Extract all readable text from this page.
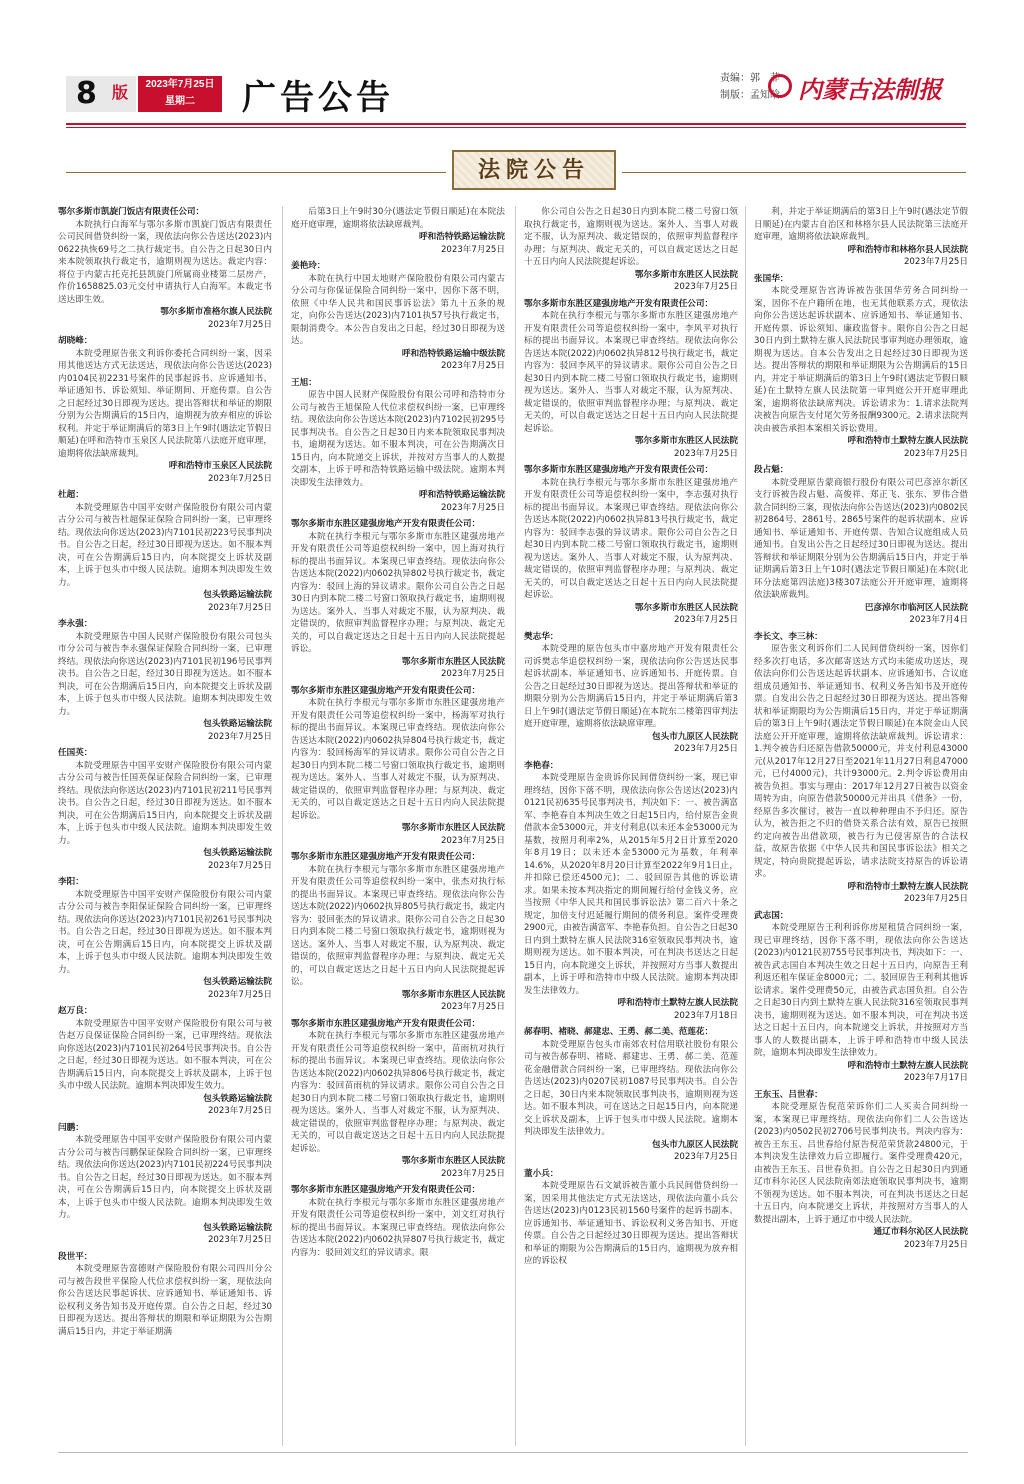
8 版	2023年7月25日
星期二	广告公告	责编：郭　菲
制版：孟知晗 内蒙古法制报
法院公告
鄂尔多斯市凯旋门饭店有限责任公司：
本院执行白海军与鄂尔多斯市凯旋门饭店有限责任公司民间借贷纠纷一案，现依法向你公告送达(2023)内0622执恢69号之二执行裁定书。自公告之日起30日内来本院领取执行裁定书，逾期则视为送达。裁定内容：将位于内蒙古托克托县凯旋门所属商业楼第二层房产，作价1658825.03元交付申请执行人白海军。本裁定书送达即生效。
鄂尔多斯市准格尔旗人民法院
2023年7月25日
胡晓峰：
本院受理原告张文利诉你委托合同纠纷一案，因采用其他送达方式无法送达，现依法向你公告送达(2023)内0104民初2231号案件的民事起诉书、应诉通知书、举证通知书、诉讼须知、举证期间、开庭传票。自公告之日起经过30日即视为送达。提出答辩状和举证的期限分别为公告期满后的15日内，逾期视为放弃相应的诉讼权利。并定于举证期满后的第3日上午9时(遇法定节假日顺延)在呼和浩特市玉泉区人民法院第八法庭开庭审理，逾期将依法缺席裁判。
呼和浩特市玉泉区人民法院
2023年7月25日
杜超：
本院受理原告中国平安财产保险股份有限公司内蒙古分公司与被告杜超保证保险合同纠纷一案，已审理终结。现依法向你送达(2023)内7101民初223号民事判决书。自公告之日起，经过30日即视为送达。如不服本判决，可在公告期满后15日内，向本院提交上诉状及副本，上诉于包头市中级人民法院。逾期本判决即发生效力。
包头铁路运输法院
2023年7月25日
李永强：
本院受理原告中国人民财产保险股份有限公司包头市分公司与被告李永强保证保险合同纠纷一案，已审理终结。现依法向你送达(2023)内7101民初196号民事判决书。自公告之日起，经过30日即视为送达。如不服本判决，可在公告期满后15日内，向本院提交上诉状及副本，上诉于包头市中级人民法院。逾期本判决即发生效力。
包头铁路运输法院
2023年7月25日
任国英：
本院受理原告中国平安财产保险股份有限公司内蒙古分公司与被告任国英保证保险合同纠纷一案，已审理终结。现依法向你送达(2023)内7101民初211号民事判决书。自公告之日起，经过30日即视为送达。如不服本判决，可在公告期满后15日内，向本院提交上诉状及副本，上诉于包头市中级人民法院。逾期本判决即发生效力。
包头铁路运输法院
2023年7月25日
李阳：
本院受理原告中国平安财产保险股份有限公司内蒙古分公司与被告李阳保证保险合同纠纷一案，已审理终结。现依法向你送达(2023)内7101民初261号民事判决书。自公告之日起，经过30日即视为送达。如不服本判决，可在公告期满后15日内，向本院提交上诉状及副本，上诉于包头市中级人民法院。逾期本判决即发生效力。
包头铁路运输法院
2023年7月25日
赵万良：
本院受理原告中国平安财产保险股份有限公司与被告赵万良保证保险合同纠纷一案，已审理终结。现依法向你送达(2023)内7101民初264号民事判决书。自公告之日起，经过30日即视为送达。如不服本判决，可在公告期满后15日内，向本院提交上诉状及副本，上诉于包头市中级人民法院。逾期本判决即发生效力。
包头铁路运输法院
2023年7月25日
闫鹏：
本院受理原告中国平安财产保险股份有限公司内蒙古分公司与被告闫鹏保证保险合同纠纷一案，已审理终结。现依法向你送达(2023)内7101民初224号民事判决书。自公告之日起，经过30日即视为送达。如不服本判决，可在公告期满后15日内，向本院提交上诉状及副本，上诉于包头市中级人民法院。逾期本判决即发生效力。
包头铁路运输法院
2023年7月25日
段世平：
本院受理原告富德财产保险股份有限公司四川分公司与被告段世平保险人代位求偿权纠纷一案，现依法向你公告送达民事起诉状、应诉通知书、举证通知书、诉讼权利义务告知书及开庭传票。自公告之日起，经过30日即视为送达。提出答辩状的期限和举证期限为公告期满后15日内，并定于举证期满
后第3日上午9时30分(遇法定节假日顺延)在本院法庭开庭审理，逾期将依法缺席裁判。
呼和浩特铁路运输法院
2023年7月25日
姜艳玲：
本院在执行中国太地财产保险股份有限公司内蒙古分公司与你保证保险合同纠纷一案中，因你下落不明，依照《中华人民共和国民事诉讼法》第九十五条的规定，向你公告送达(2023)内7101执57号执行裁定书，限制消费令。本公告自发出之日起，经过30日即视为送达。
呼和浩特铁路运输中级法院
2023年7月25日
王旭：
原告中国人民财产保险股份有限公司呼和浩特市分公司与被告王旭保险人代位求偿权纠纷一案，已审理终结。现依法向你公告送达本院(2023)内7102民初295号民事判决书。自公告之日起30日内来本院领取民事判决书，逾期视为送达。如不服本判决，可在公告期满次日15日内，向本院递交上诉状，并按对方当事人的人数提交副本，上诉于呼和浩特铁路运输中级法院。逾期本判决即发生法律效力。
呼和浩特铁路运输法院
2023年7月25日
鄂尔多斯市东胜区建强房地产开发有限责任公司：
本院在执行李根元与鄂尔多斯市东胜区建强房地产开发有限责任公司等追偿权纠纷一案中，因上海对执行标的提出书面异议。本案现已审查终结。现依法向你公告送达本院(2022)内0602执异802号执行裁定书，裁定内容为：驳回上海的异议请求。限你公司自公告之日起30日内到本院二楼二号窗口领取执行裁定书，逾期则视为送达。案外人、当事人对裁定不服，认为原判决、裁定错误的，依照审判监督程序办理；与原判决、裁定无关的，可以自裁定送达之日起十五日内向人民法院提起诉讼。
鄂尔多斯市东胜区人民法院
2023年7月25日
鄂尔多斯市东胜区建强房地产开发有限责任公司：
本院在执行李根元与鄂尔多斯市东胜区建强房地产开发有限责任公司等追偿权纠纷一案中，杨海军对执行标的提出书面异议。本案现已审查终结。现依法向你公告送达本院(2022)内0602执异804号执行裁定书，裁定内容为：驳回杨海军的异议请求。限你公司自公告之日起30日内到本院二楼二号窗口领取执行裁定书，逾期则视为送达。案外人、当事人对裁定不服，认为原判决、裁定错误的，依照审判监督程序办理；与原判决、裁定无关的，可以自裁定送达之日起十五日内向人民法院提起诉讼。
鄂尔多斯市东胜区人民法院
2023年7月25日
鄂尔多斯市东胜区建强房地产开发有限责任公司：
本院在执行李根元与鄂尔多斯市东胜区建强房地产开发有限责任公司等追偿权纠纷一案中，张杰对执行标的提出书面异议。本案现已审查终结。现依法向你公告送达本院(2022)内0602执异805号执行裁定书，裁定内容为：驳回张杰的异议请求。限你公司自公告之日起30日内到本院二楼二号窗口领取执行裁定书，逾期则视为送达。案外人、当事人对裁定不服，认为原判决、裁定错误的，依照审判监督程序办理；与原判决、裁定无关的，可以自裁定送达之日起十五日内向人民法院提起诉讼。
鄂尔多斯市东胜区人民法院
2023年7月25日
鄂尔多斯市东胜区建强房地产开发有限责任公司：
本院在执行李根元与鄂尔多斯市东胜区建强房地产开发有限责任公司等追偿权纠纷一案中，苗雨杭对执行标的提出书面异议。本案现已审查终结。现依法向你公告送达本院(2022)内0602执异806号执行裁定书，裁定内容为：驳回苗雨杭的异议请求。限你公司自公告之日起30日内到本院二楼二号窗口领取执行裁定书，逾期则视为送达。案外人、当事人对裁定不服，认为原判决、裁定错误的，依照审判监督程序办理；与原判决、裁定无关的，可以自裁定送达之日起十五日内向人民法院提起诉讼。
鄂尔多斯市东胜区人民法院
2023年7月25日
鄂尔多斯市东胜区建强房地产开发有限责任公司：
本院在执行李根元与鄂尔多斯市东胜区建强房地产开发有限责任公司等追偿权纠纷一案中，刘文红对执行标的提出书面异议。本案现已审查终结。现依法向你公告送达本院(2022)内0602执异807号执行裁定书，裁定内容为：驳回刘文红的异议请求。限
你公司自公告之日起30日内到本院二楼二号窗口领取执行裁定书，逾期则视为送达。案外人、当事人对裁定不服，认为原判决、裁定错误的，依照审判监督程序办理；与原判决、裁定无关的，可以自裁定送达之日起十五日内向人民法院提起诉讼。
鄂尔多斯市东胜区人民法院
2023年7月25日
鄂尔多斯市东胜区建强房地产开发有限责任公司：
本院在执行李根元与鄂尔多斯市东胜区建强房地产开发有限责任公司等追偿权纠纷一案中，李风平对执行标的提出书面异议。本案现已审查终结。现依法向你公告送达本院(2022)内0602执异812号执行裁定书，裁定内容为：驳回李风平的异议请求。限你公司自公告之日起30日内到本院二楼二号窗口领取执行裁定书，逾期则视为送达。案外人、当事人对裁定不服，认为原判决、裁定错误的，依照审判监督程序办理；与原判决、裁定无关的，可以自裁定送达之日起十五日内向人民法院提起诉讼。
鄂尔多斯市东胜区人民法院
2023年7月25日
鄂尔多斯市东胜区建强房地产开发有限责任公司：
本院在执行李根元与鄂尔多斯市东胜区建强房地产开发有限责任公司等追偿权纠纷一案中，李志强对执行标的提出书面异议。本案现已审查终结。现依法向你公告送达本院(2022)内0602执异813号执行裁定书，裁定内容为：驳回李志强的异议请求。限你公司自公告之日起30日内到本院二楼二号窗口领取执行裁定书，逾期则视为送达。案外人、当事人对裁定不服，认为原判决、裁定错误的，依照审判监督程序办理；与原判决、裁定无关的，可以自裁定送达之日起十五日内向人民法院提起诉讼。
鄂尔多斯市东胜区人民法院
2023年7月25日
樊志华：
本院受理的原告包头市中嘉房地产开发有限责任公司诉樊志华追偿权纠纷一案，现依法向你公告送达民事起诉状副本、举证通知书、应诉通知书、开庭传票。自公告之日起经过30日即视为送达。提出答辩状和举证的期限分别为公告期满后15日内，并定于举证期满后第3日上午9时(遇法定节假日顺延)在本院东二楼第四审判法庭开庭审理，逾期将依法缺席审理。
包头市九原区人民法院
2023年7月25日
李艳春：
本院受理原告金贵诉你民间借贷纠纷一案，现已审理终结，因你下落不明，现依法向你公告送达(2023)内0121民初635号民事判决书，判决如下：一、被告满富军、李艳春自本判决生效之日起15日内，给付原告金贵借款本金53000元，并支付利息(以未还本金53000元为基数，按照月利率2%，从2015年5月2日计算至2020年8月19日；以未还本金53000元为基数，年利率14.6%，从2020年8月20日计算至2022年9月1日止，并扣除已偿还4500元)；二、驳回原告其他的诉讼请求。如果未按本判决指定的期间履行给付金钱义务，应当按照《中华人民共和国民事诉讼法》第二百六十条之规定，加倍支付迟延履行期间的债务利息。案件受理费2900元，由被告满富军、李艳春负担。自公告之日起30日内到土默特左旗人民法院316室领取民事判决书，逾期则视为送达。如不服本判决，可在判决书送达之日起15日内，向本院递交上诉状，并按照对方当事人数提出副本，上诉于呼和浩特市中级人民法院。逾期本判决即发生法律效力。
呼和浩特市土默特左旗人民法院
2023年7月18日
郝春明、褚晓、郝建忠、王勇、郝二美、范莲花：
本院受理原告包头市南郊农村信用联社股份有限公司与被告郝春明、褚晓、郝建忠、王勇、郝二美、范莲花金融借款合同纠纷一案，已审理终结。现依法向你公告送达(2023)内0207民初1087号民事判决书。自公告之日起，30日内来本院领取民事判决书，逾期则视为送达。如不服本判决，可在送达之日起15日内，向本院递交上诉状及副本，上诉于包头市中级人民法院。逾期本判决即发生法律效力。
包头市九原区人民法院
2023年7月25日
董小兵：
本院受理原告石文斌诉被告董小兵民间借贷纠纷一案，因采用其他法定方式无法送达，现依法向董小兵公告送达(2023)内0123民初1560号案件的起诉书副本、应诉通知书、举证通知书、诉讼权利义务告知书、开庭传票。自公告之日起经过30日即视为送达。提出答辩状和举证的期限为公告期满后的15日内，逾期视为放弃相应的诉讼权
利，并定于举证期满后的第3日上午9时(遇法定节假日顺延)在内蒙古自治区和林格尔县人民法院第三法庭开庭审理，逾期将依法缺席裁判。
呼和浩特市和林格尔县人民法院
2023年7月25日
张国华：
本院受理原告宫涛诉被告张国华劳务合同纠纷一案，因你不在户籍所在地，也无其他联系方式，现依法向你公告送达起诉状副本、应诉通知书、举证通知书、开庭传票、诉讼须知、廉政监督卡。限你自公告之日起30日内到土默特左旗人民法院民事审判庭办理领取，逾期视为送达。自本公告发出之日起经过30日即视为送达。提出答辩状的期限和举证期限为公告期满后的15日内，并定于举证期满后的第3日上午9时(遇法定节假日顺延)在土默特左旗人民法院第一审判庭公开开庭审理此案，逾期将依法缺席判决。诉讼请求为：1.请求法院判决被告向原告支付尾欠劳务报酬9300元。2.请求法院判决由被告承担本案相关诉讼费用。
呼和浩特市土默特左旗人民法院
2023年7月25日
段占魁：
本院受理原告蒙商银行股份有限公司巴彦淖尔新区支行诉被告段占魁、高俊祥、郑正飞、张东、罗伟合借款合同纠纷三案，现依法向你公告送达(2023)内0802民初2864号、2861号、2865号案件的起诉状副本、应诉通知书、举证通知书、开庭传票、告知合议庭组成人员通知书。自发出公告之日起经过30日即视为送达。提出答辩状和举证期限分别为公告期满后15日内，并定于举证期满后第3日上午10时(遇法定节假日顺延)在本院(北环分法庭第四法庭)3楼307法庭公开开庭审理，逾期将依法缺席裁判。
巴彦淖尔市临河区人民法院
2023年7月4日
李长文、李三林：
原告张文利诉你们二人民间借贷纠纷一案，因你们经多次打电话，多次邮寄送达方式均未能成功送达，现依法向你们公告送达起诉状副本、应诉通知书、合议庭组成员通知书、举证通知书、权利义务告知书及开庭传票。自发出公告之日起经过30日即视为送达。提出答辩状和举证期限均为公告期满后15日内，并定于举证期满后的第3日上午9时(遇法定节假日顺延)在本院金山人民法庭公开开庭审理，逾期将依法缺席裁判。诉讼请求：1.判令被告归还原告借款50000元，并支付利息43000元(从2017年12月27日至2021年11月27日利息47000元，已付4000元)，共计93000元。2.判令诉讼费用由被告负担。事实与理由：2017年12月27日被告以资金周转为由，向原告借款50000元并出具《借条》一份，经原告多次催讨，被告一直以种种理由不予归还。原告认为，被告拒之不归的借贷关系合法有效，原告已按照约定向被告出借款项，被告行为已侵害原告的合法权益，故原告依据《中华人民共和国民事诉讼法》相关之规定，特向贵院提起诉讼，请求法院支持原告的诉讼请求。
呼和浩特市土默特左旗人民法院
2023年7月25日
武志国：
本院受理原告王利利诉你房屋租赁合同纠纷一案，现已审理终结，因你下落不明，现依法向你公告送达(2023)内0121民初755号民事判决书，判决如下：一、被告武志国自本判决生效之日起十五日内，向原告王利利返还租车保证金8000元；二、驳回原告王利利其他诉讼请求。案件受理费50元，由被告武志国负担。自公告之日起30日内到土默特左旗人民法院316室领取民事判决书，逾期则视为送达。如不服本判决，可在判决书送达之日起十五日内，向本院递交上诉状，并按照对方当事人的人数提出副本，上诉于呼和浩特市中级人民法院，逾期本判决即发生法律效力。
呼和浩特市土默特左旗人民法院
2023年7月17日
王东玉、吕世春：
本院受理原告倪范荣诉你们二人买卖合同纠纷一案，本案现已审理终结。现依法向你们二人公告送达(2023)内0502民初2706号民事判决书。判决内容为：被告王东玉、吕世春给付原告倪范荣货款24800元，于本判决发生法律效力后立即履行。案件受理费420元，由被告王东玉、吕世春负担。自公告之日起30日内到通辽市科尔沁区人民法院南郊法庭领取民事判决书，逾期不领视为送达。如不服本判决，可在判决书送达之日起十五日内，向本院递交上诉状，并按照对方当事人的人数提出副本，上诉于通辽市中级人民法院。
通辽市科尔沁区人民法院
2023年7月25日
